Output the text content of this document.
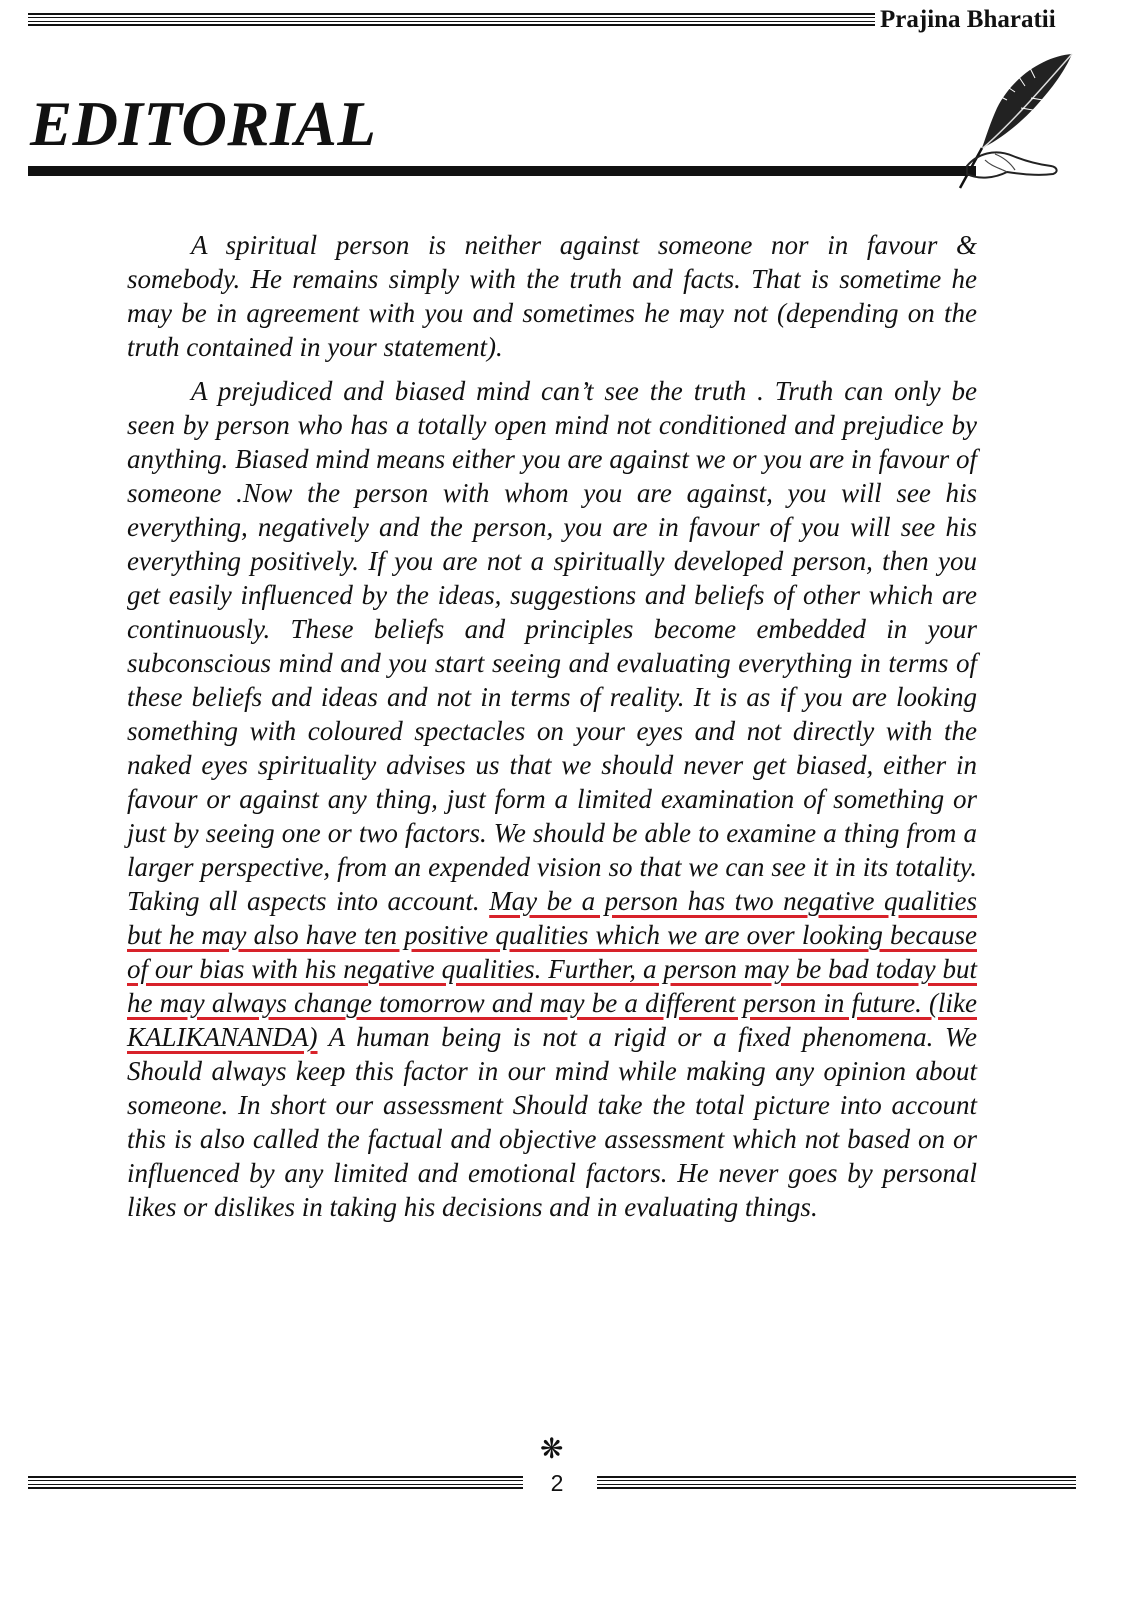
Prajina Bharatii
EDITORIAL

A spiritual person is neither against someone nor in favour & somebody. He remains simply with the truth and facts. That is sometime he may be in agreement with you and sometimes he may not (depending on the truth contained in your statement).

A prejudiced and biased mind can’t see the truth . Truth can only be seen by person who has a totally open mind not conditioned and prejudice by anything. Biased mind means either you are against we or you are in favour of someone .Now the person with whom you are against, you will see his everything, negatively and the person, you are in favour of you will see his everything positively. If you are not a spiritually developed person, then you get easily influenced by the ideas, suggestions and beliefs of other which are continuously. These beliefs and principles become embedded in your subconscious mind and you start seeing and evaluating everything in terms of these beliefs and ideas and not in terms of reality. It is as if you are looking something with coloured spectacles on your eyes and not directly with the naked eyes spirituality advises us that we should never get biased, either in favour or against any thing, just form a limited examination of something or just by seeing one or two factors. We should be able to examine a thing from a larger perspective, from an expended vision so that we can see it in its totality. Taking all aspects into account. May be a person has two negative qualities but he may also have ten positive qualities which we are over looking because of our bias with his negative qualities. Further, a person may be bad today but he may always change tomorrow and may be a different person in future. (like KALIKANANDA) A human being is not a rigid or a fixed phenomena. We Should always keep this factor in our mind while making any opinion about someone. In short our assessment Should take the total picture into account this is also called the factual and objective assessment which not based on or influenced by any limited and emotional factors. He never goes by personal likes or dislikes in taking his decisions and in evaluating things.

❋
2
